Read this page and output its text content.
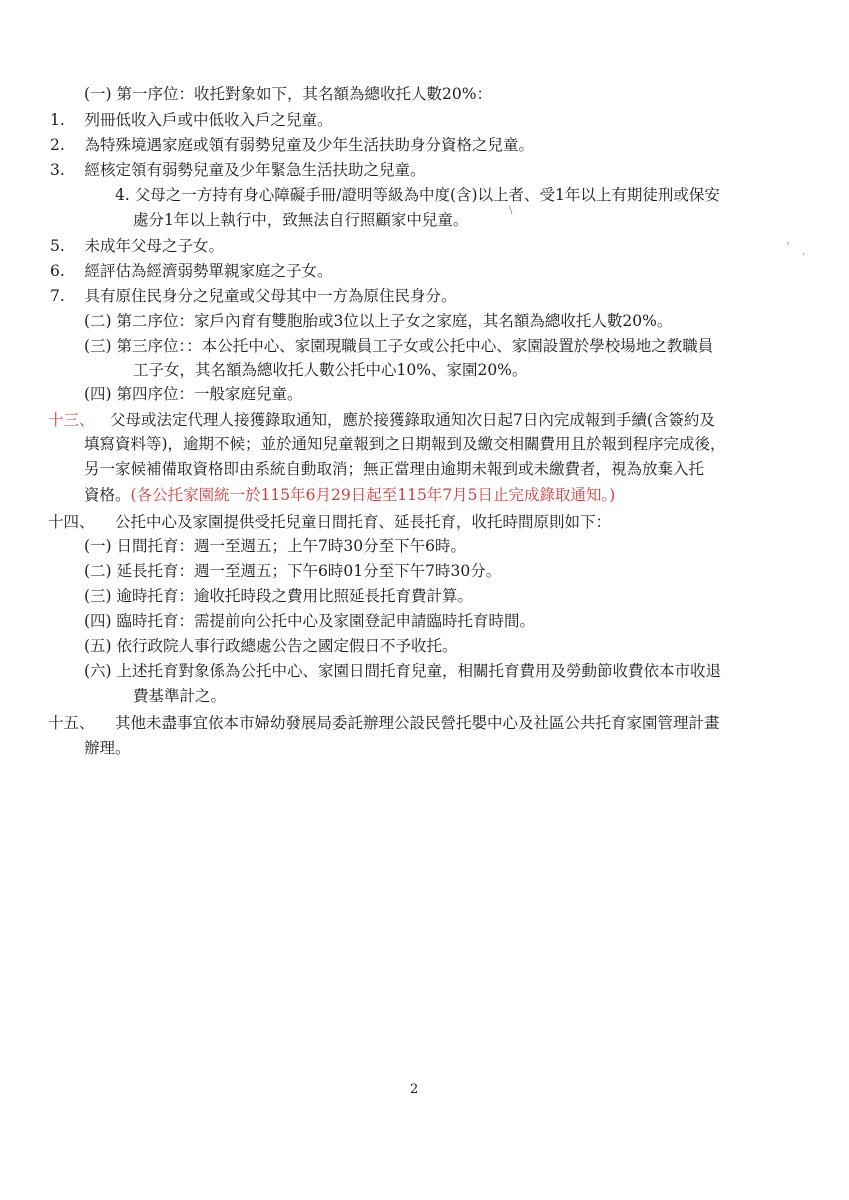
(一) 第一序位：收托對象如下，其名額為總收托人數20%：
1.    列冊低收入戶或中低收入戶之兒童。
2.    為特殊境遇家庭或領有弱勢兒童及少年生活扶助身分資格之兒童。
3.    經核定領有弱勢兒童及少年緊急生活扶助之兒童。
4. 父母之一方持有身心障礙手冊/證明等級為中度(含)以上者、受1年以上有期徒刑或保安
處分1年以上執行中，致無法自行照顧家中兒童。
5.    未成年父母之子女。
6.    經評估為經濟弱勢單親家庭之子女。
7.    具有原住民身分之兒童或父母其中一方為原住民身分。
(二) 第二序位：家戶內育有雙胞胎或3位以上子女之家庭，其名額為總收托人數20%。
(三) 第三序位：：本公托中心、家園現職員工子女或公托中心、家園設置於學校場地之教職員
工子女，其名額為總收托人數公托中心10%、家園20%。
(四) 第四序位：一般家庭兒童。
十三、 父母或法定代理人接獲錄取通知，應於接獲錄取通知次日起7日內完成報到手續(含簽約及
填寫資料等)，逾期不候；並於通知兒童報到之日期報到及繳交相關費用且於報到程序完成後，
另一家候補備取資格即由系統自動取消；無正當理由逾期未報到或未繳費者，視為放棄入托
資格。(各公托家園統一於115年6月29日起至115年7月5日止完成錄取通知。)
十四、 公托中心及家園提供受托兒童日間托育、延長托育，收托時間原則如下：
(一) 日間托育：週一至週五；上午7時30分至下午6時。
(二) 延長托育：週一至週五；下午6時01分至下午7時30分。
(三) 逾時托育：逾收托時段之費用比照延長托育費計算。
(四) 臨時托育：需提前向公托中心及家園登記申請臨時托育時間。
(五) 依行政院人事行政總處公告之國定假日不予收托。
(六) 上述托育對象係為公托中心、家園日間托育兒童，相關托育費用及勞動節收費依本市收退
費基準計之。
十五、 其他未盡事宜依本市婦幼發展局委託辦理公設民營托嬰中心及社區公共托育家園管理計畫
辦理。
\
、
·
2
